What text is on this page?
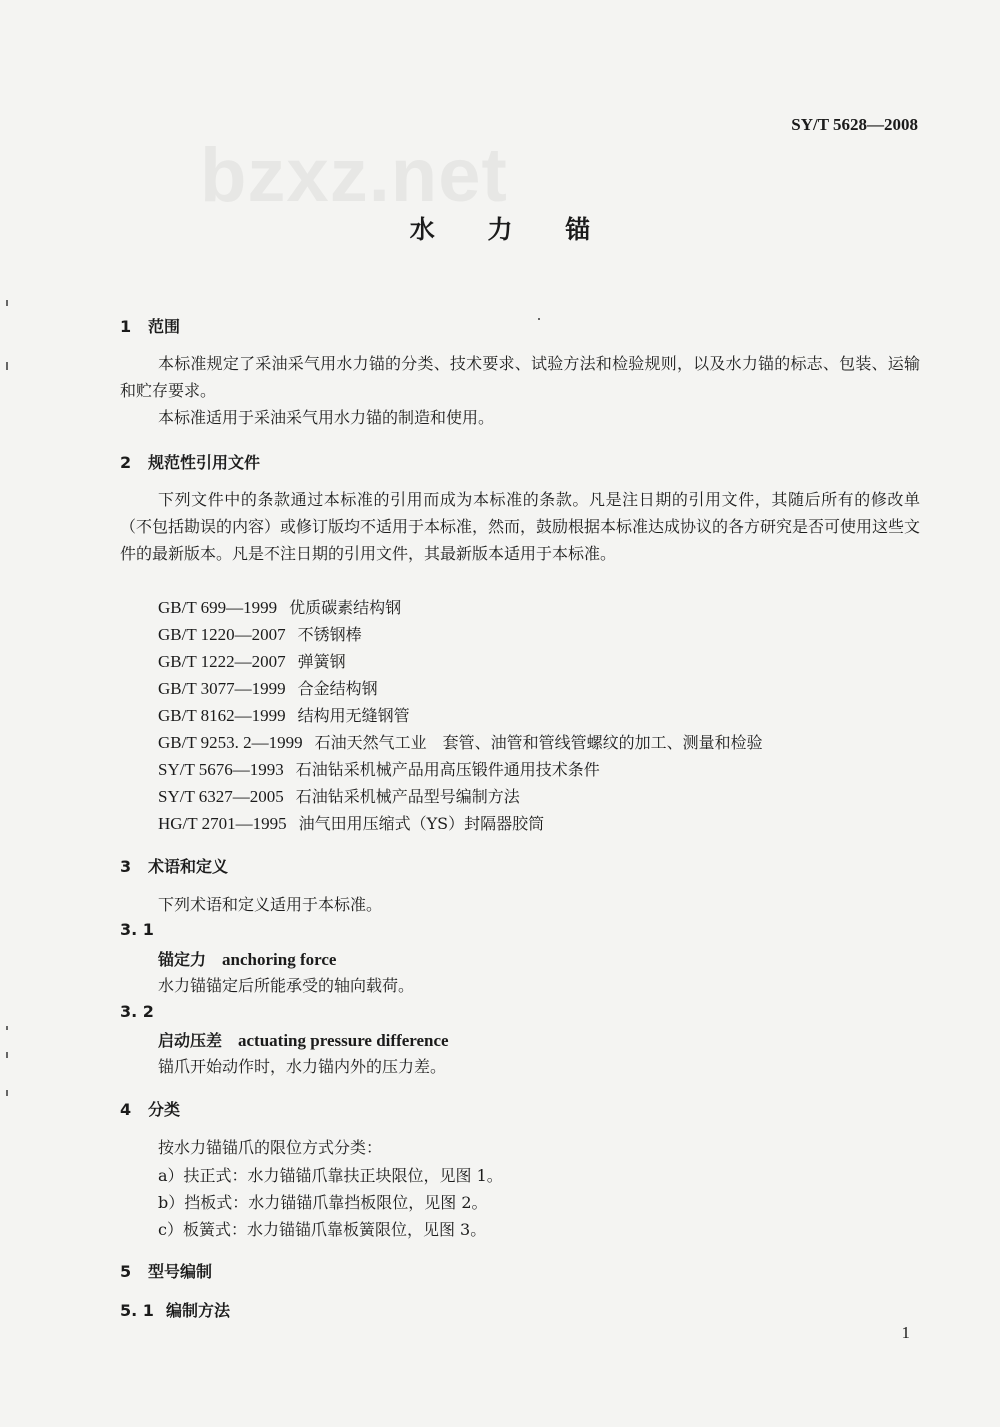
bzxz.net
SY/T 5628—2008
水 力 锚
1 范围
本标准规定了采油采气用水力锚的分类、技术要求、试验方法和检验规则，以及水力锚的标志、包装、运输和贮存要求。
本标准适用于采油采气用水力锚的制造和使用。
2 规范性引用文件
下列文件中的条款通过本标准的引用而成为本标准的条款。凡是注日期的引用文件，其随后所有的修改单（不包括勘误的内容）或修订版均不适用于本标准，然而，鼓励根据本标准达成协议的各方研究是否可使用这些文件的最新版本。凡是不注日期的引用文件，其最新版本适用于本标准。
GB/T 699—1999 优质碳素结构钢
GB/T 1220—2007 不锈钢棒
GB/T 1222—2007 弹簧钢
GB/T 3077—1999 合金结构钢
GB/T 8162—1999 结构用无缝钢管
GB/T 9253. 2—1999 石油天然气工业　套管、油管和管线管螺纹的加工、测量和检验
SY/T 5676—1993 石油钻采机械产品用高压锻件通用技术条件
SY/T 6327—2005 石油钻采机械产品型号编制方法
HG/T 2701—1995 油气田用压缩式（YS）封隔器胶筒
3 术语和定义
下列术语和定义适用于本标准。
3. 1
锚定力 anchoring force
水力锚锚定后所能承受的轴向载荷。
3. 2
启动压差 actuating pressure difference
锚爪开始动作时，水力锚内外的压力差。
4 分类
按水力锚锚爪的限位方式分类：
a）扶正式：水力锚锚爪靠扶正块限位，见图 1。
b）挡板式：水力锚锚爪靠挡板限位，见图 2。
c）板簧式：水力锚锚爪靠板簧限位，见图 3。
5 型号编制
5. 1 编制方法
1
